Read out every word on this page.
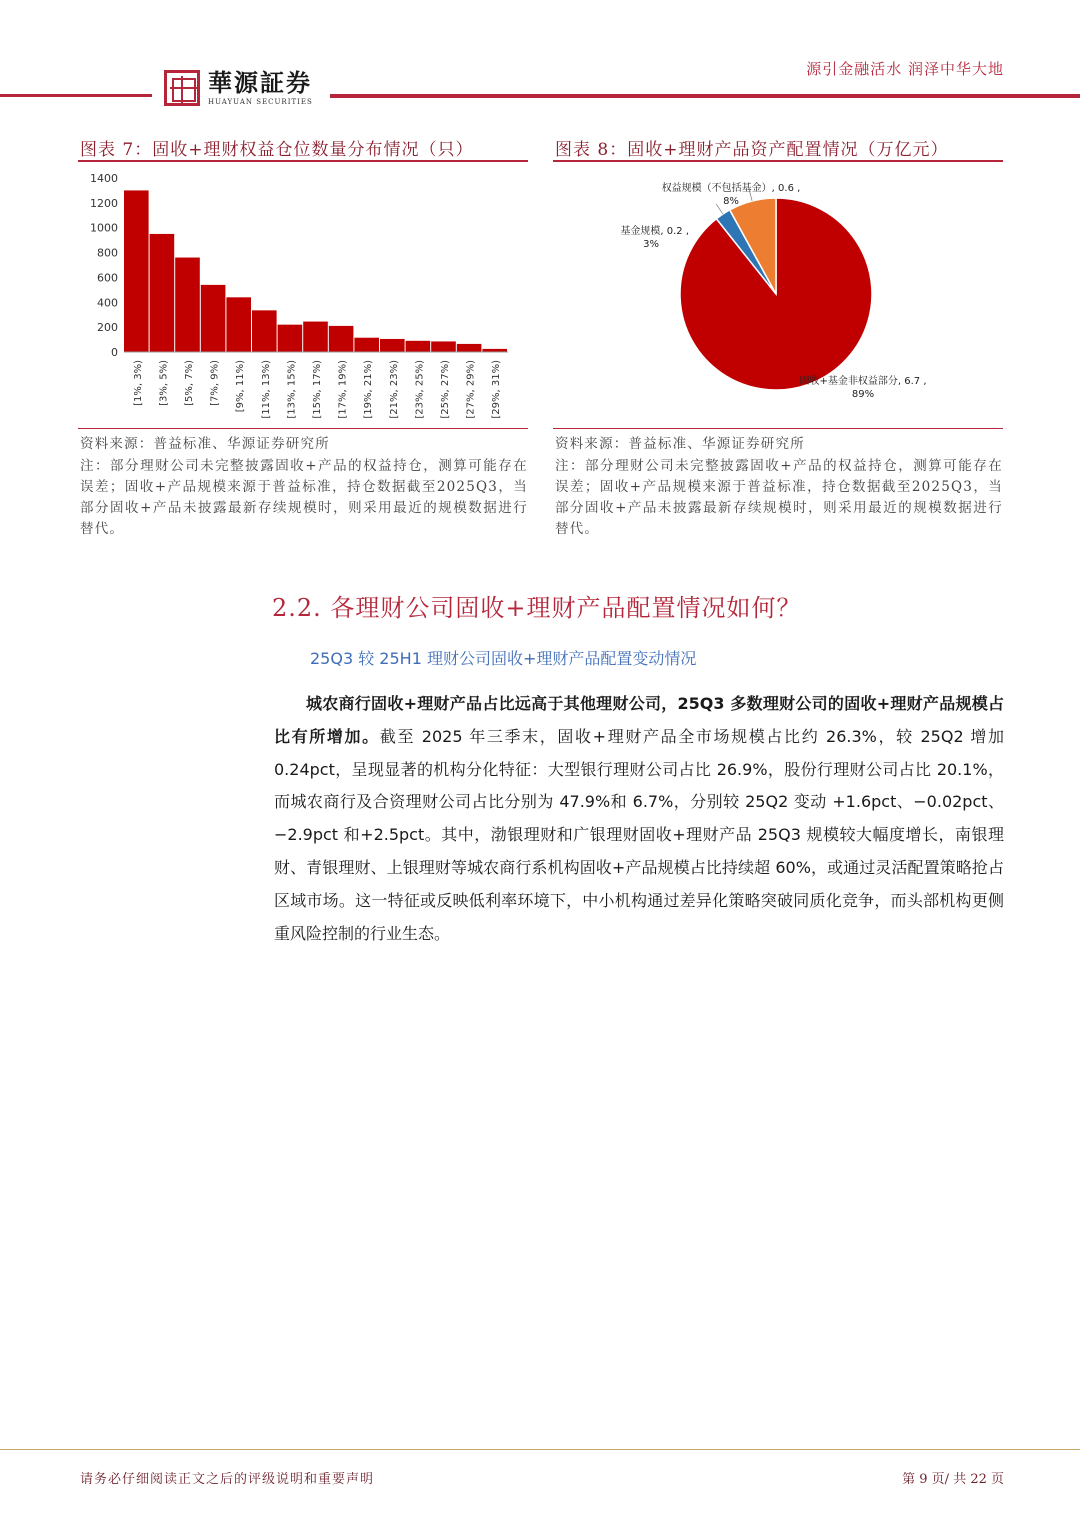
源引金融活水 润泽中华大地
華源証券
HUAYUAN SECURITIES
图表 7：固收+理财权益仓位数量分布情况（只）
0
200
400
600
800
1000
1200
1400
[1%, 3%) [3%, 5%) [5%, 7%) [7%, 9%) [9%, 11%) [11%, 13%) [13%, 15%) [15%, 17%) [17%, 19%) [19%, 21%) [21%, 23%) [23%, 25%) [25%, 27%) [27%, 29%) [29%, 31%)
资料来源：普益标准、华源证券研究所
注：部分理财公司未完整披露固收+产品的权益持仓，测算可能存在误差；固收+产品规模来源于普益标准，持仓数据截至2025Q3，当部分固收+产品未披露最新存续规模时，则采用最近的规模数据进行替代。
图表 8：固收+理财产品资产配置情况（万亿元）
固收+基金非权益部分, 6.7 ,
89%
基金规模, 0.2 ,
3%
权益规模（不包括基金）, 0.6 ,
8%
资料来源：普益标准、华源证券研究所
注：部分理财公司未完整披露固收+产品的权益持仓，测算可能存在误差；固收+产品规模来源于普益标准，持仓数据截至2025Q3，当部分固收+产品未披露最新存续规模时，则采用最近的规模数据进行替代。
2.2. 各理财公司固收+理财产品配置情况如何？
25Q3 较 25H1 理财公司固收+理财产品配置变动情况
城农商行固收+理财产品占比远高于其他理财公司，25Q3 多数理财公司的固收+理财产品规模占比有所增加。截至 2025 年三季末，固收+理财产品全市场规模占比约 26.3%，较 25Q2 增加 0.24pct，呈现显著的机构分化特征：大型银行理财公司占比 26.9%，股份行理财公司占比 20.1%，而城农商行及合资理财公司占比分别为 47.9%和 6.7%，分别较 25Q2 变动 +1.6pct、−0.02pct、−2.9pct 和+2.5pct。其中，渤银理财和广银理财固收+理财产品 25Q3 规模较大幅度增长，南银理财、青银理财、上银理财等城农商行系机构固收+产品规模占比持续超 60%，或通过灵活配置策略抢占区域市场。这一特征或反映低利率环境下，中小机构通过差异化策略突破同质化竞争，而头部机构更侧重风险控制的行业生态。
请务必仔细阅读正文之后的评级说明和重要声明	第 9 页/ 共 22 页
